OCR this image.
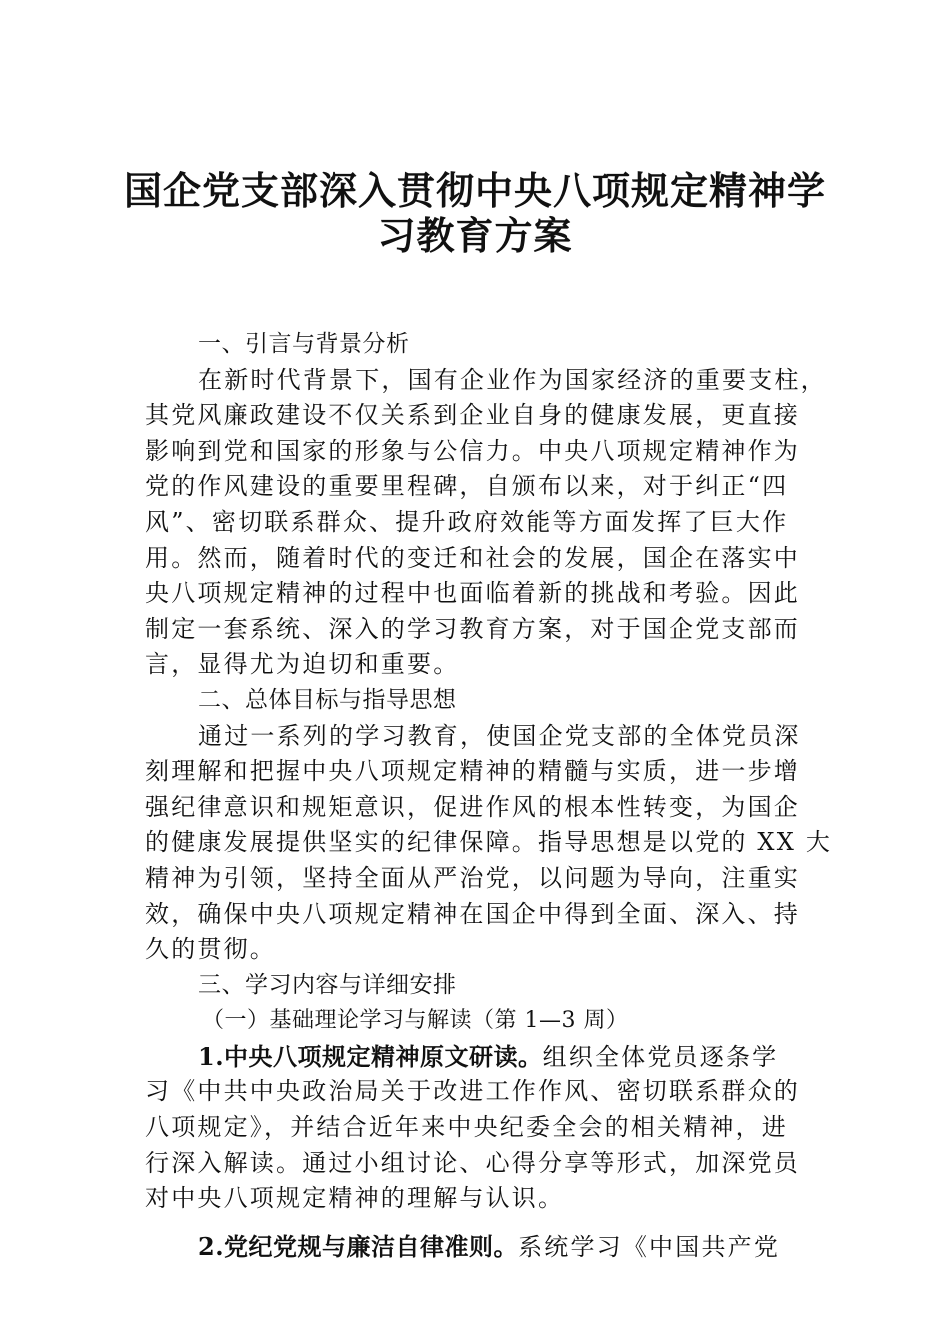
国企党支部深入贯彻中央八项规定精神学
习教育方案
一、引言与背景分析
在新时代背景下，国有企业作为国家经济的重要支柱，
其党风廉政建设不仅关系到企业自身的健康发展，更直接
影响到党和国家的形象与公信力。中央八项规定精神作为
党的作风建设的重要里程碑，自颁布以来，对于纠正“四
风”、密切联系群众、提升政府效能等方面发挥了巨大作
用。然而，随着时代的变迁和社会的发展，国企在落实中
央八项规定精神的过程中也面临着新的挑战和考验。因此
制定一套系统、深入的学习教育方案，对于国企党支部而
言，显得尤为迫切和重要。
二、总体目标与指导思想
通过一系列的学习教育，使国企党支部的全体党员深
刻理解和把握中央八项规定精神的精髓与实质，进一步增
强纪律意识和规矩意识，促进作风的根本性转变，为国企
的健康发展提供坚实的纪律保障。指导思想是以党的 XX 大
精神为引领，坚持全面从严治党，以问题为导向，注重实
效，确保中央八项规定精神在国企中得到全面、深入、持
久的贯彻。
三、学习内容与详细安排
（一）基础理论学习与解读（第 1—3 周）
1.中央八项规定精神原文研读。组织全体党员逐条学
习《中共中央政治局关于改进工作作风、密切联系群众的
八项规定》，并结合近年来中央纪委全会的相关精神，进
行深入解读。通过小组讨论、心得分享等形式，加深党员
对中央八项规定精神的理解与认识。
2.党纪党规与廉洁自律准则。系统学习《中国共产党
